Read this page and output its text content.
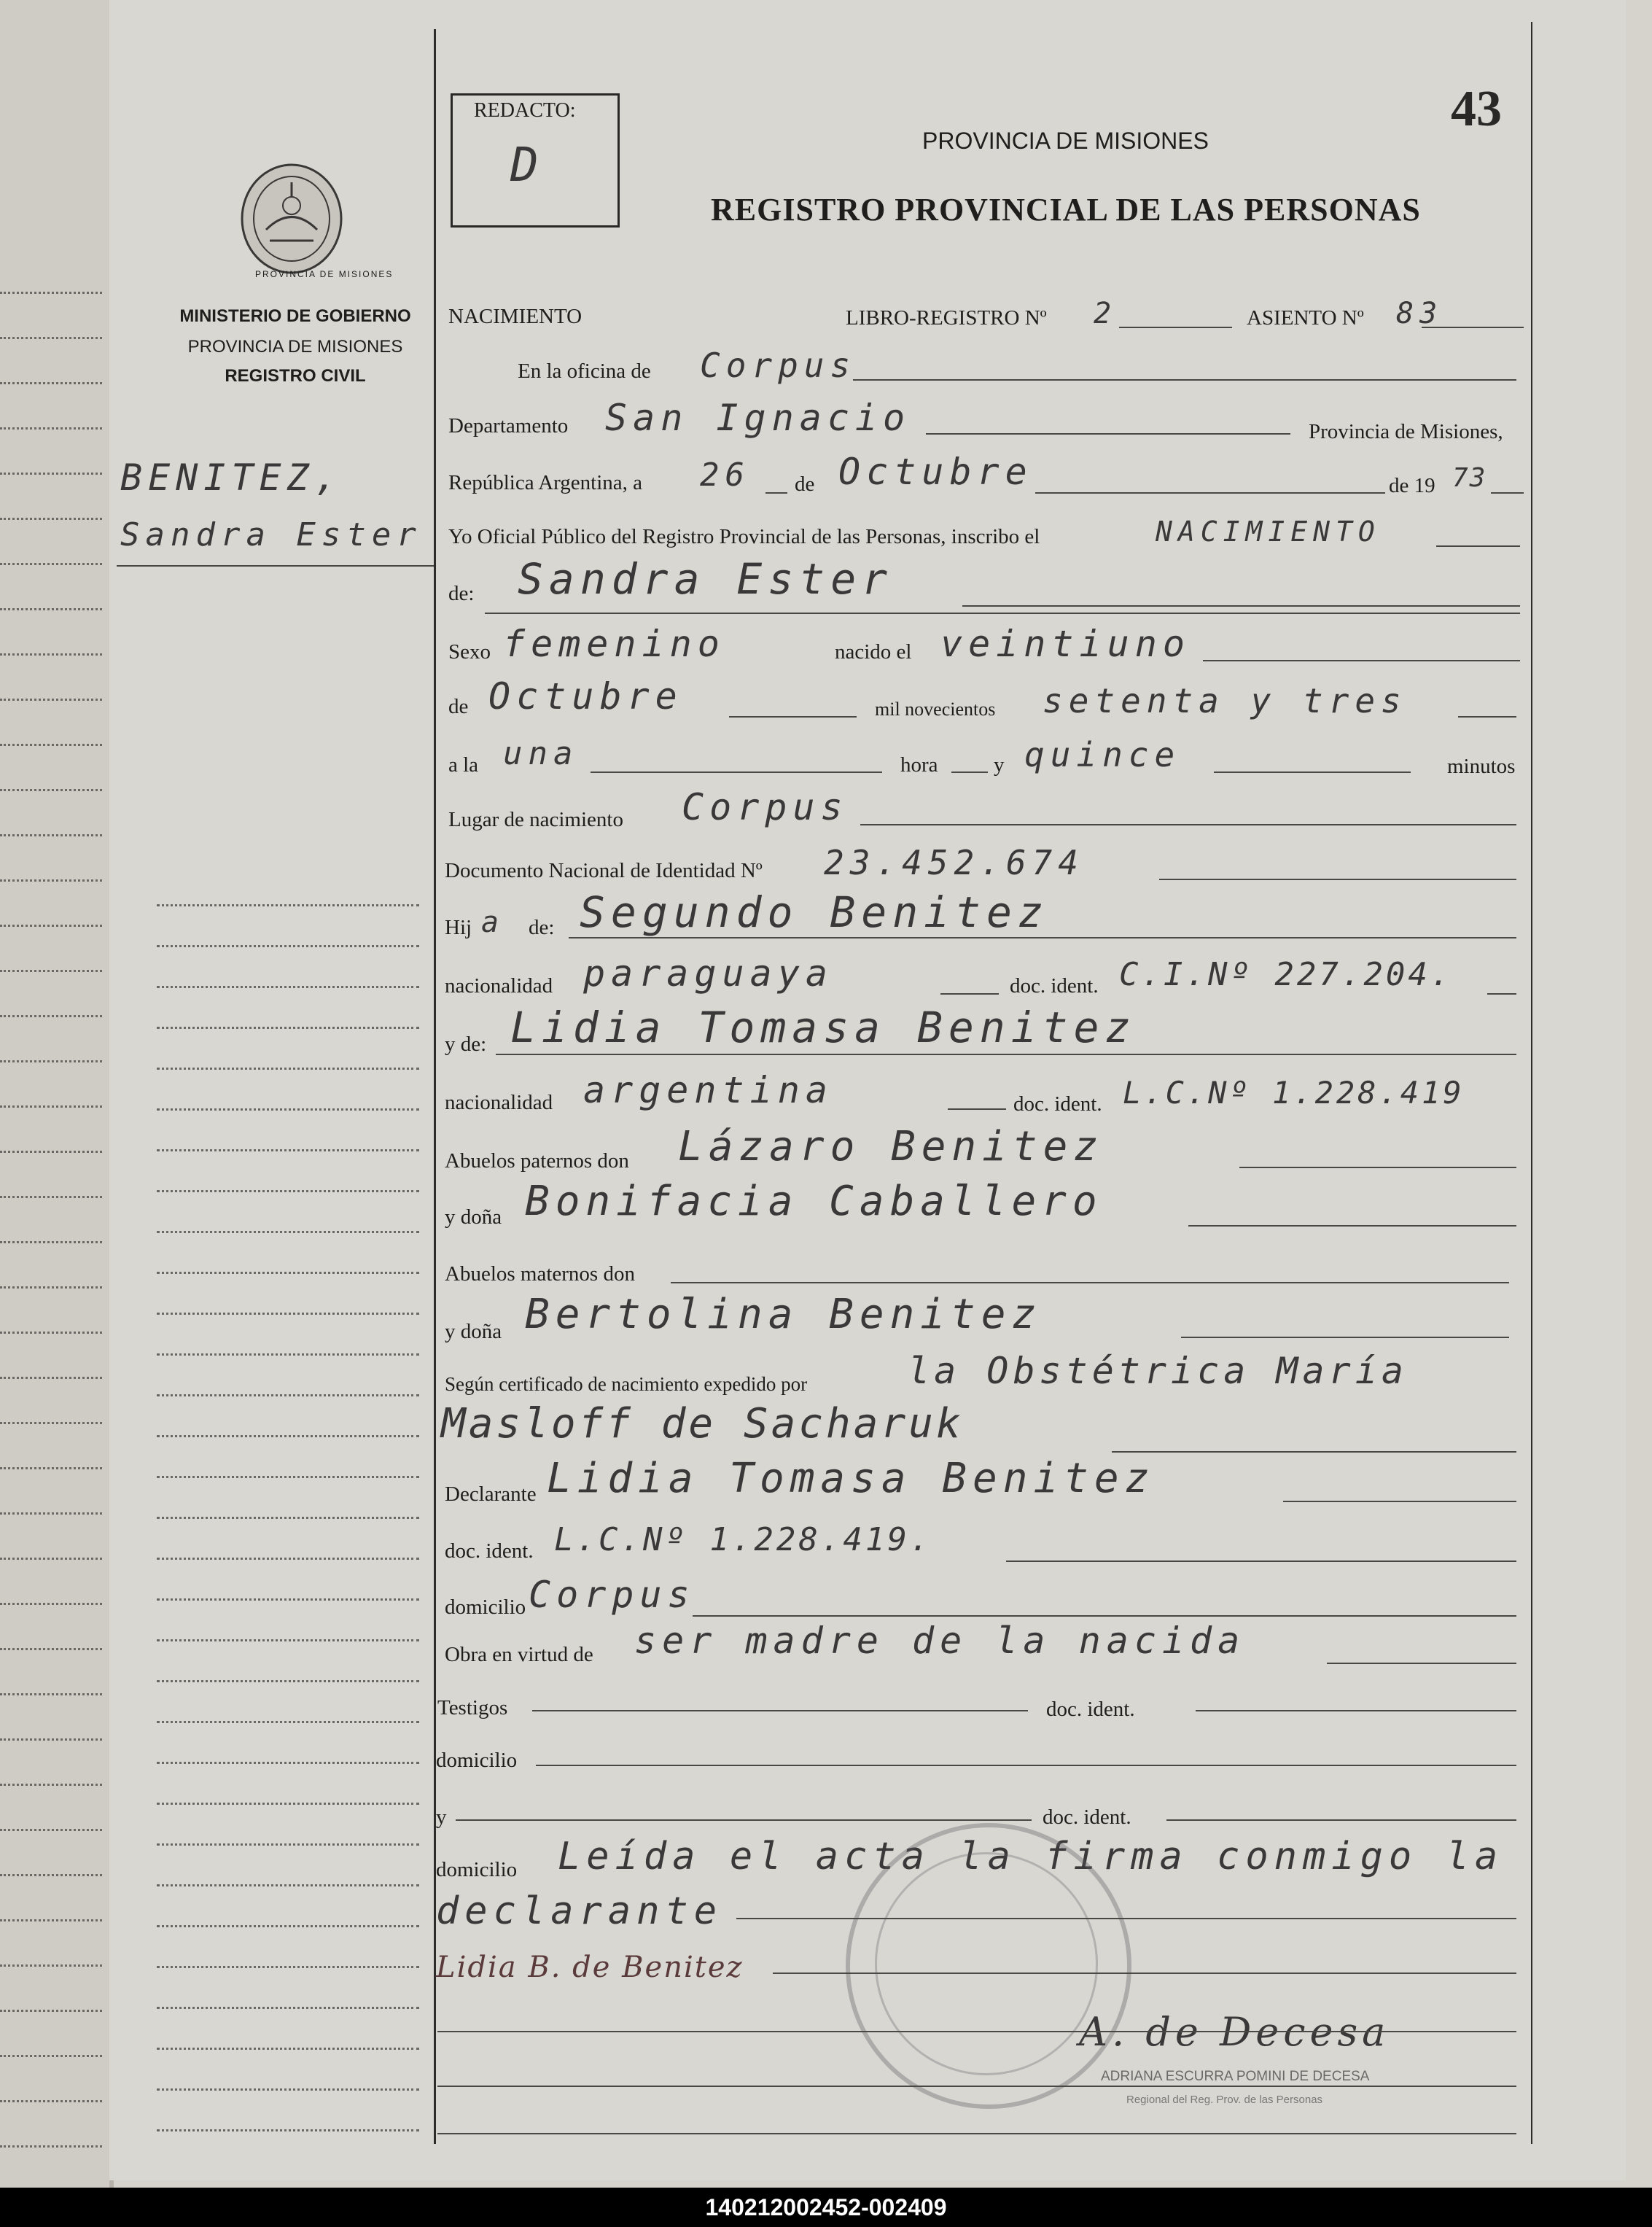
REDACTO:
D
43
PROVINCIA DE MISIONES
REGISTRO PROVINCIAL DE LAS PERSONAS
PROVINCIA DE MISIONES
MINISTERIO DE GOBIERNO
PROVINCIA DE MISIONES
REGISTRO CIVIL
BENITEZ,
Sandra Ester
NACIMIENTO	LIBRO-REGISTRO Nº 2	ASIENTO Nº 83
En la oficina de Corpus
Departamento San Ignacio	Provincia de Misiones,
República Argentina, a 26 de Octubre	de 19 73
Yo Oficial Público del Registro Provincial de las Personas, inscribo el	NACIMIENTO
de: Sandra Ester
Sexo femenino	nacido el veintiuno
de Octubre	mil novecientos setenta y tres
a la una	hora	y quince	minutos
Lugar de nacimiento Corpus
Documento Nacional de Identidad Nº 23.452.674
Hij a de: Segundo Benitez
nacionalidad paraguaya	doc. ident. C.I.Nº 227.204.
y de: Lidia Tomasa Benitez
nacionalidad argentina	doc. ident. L.C.Nº 1.228.419
Abuelos paternos don Lázaro Benitez
y doña Bonifacia Caballero
Abuelos maternos don
y doña Bertolina Benitez
Según certificado de nacimiento expedido por	la Obstétrica María
Masloff de Sacharuk
Declarante Lidia Tomasa Benitez
doc. ident. L.C.Nº 1.228.419.
domicilio Corpus
Obra en virtud de ser madre de la nacida
Testigos	doc. ident.
domicilio
y	doc. ident.
domicilio Leída el acta la firma conmigo la
declarante
Lidia B. de Benitez
A. de Decesa
ADRIANA ESCURRA POMINI DE DECESA
Regional del Reg. Prov. de las Personas
140212002452-002409
